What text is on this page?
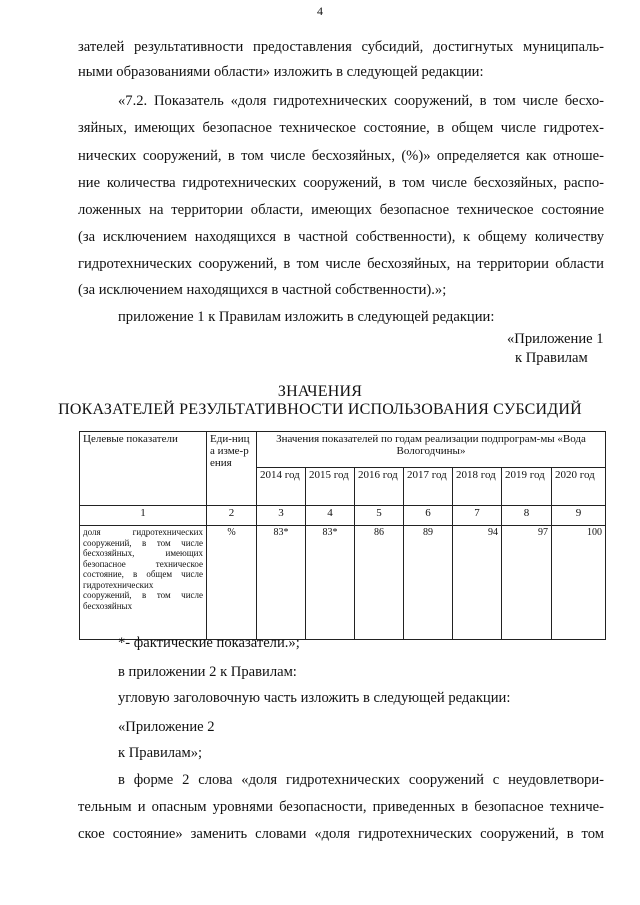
4
зателей результативности предоставления субсидий, достигнутых муниципаль-
ными образованиями области» изложить в следующей редакции:
«7.2. Показатель «доля гидротехнических сооружений, в том числе бесхо-
зяйных, имеющих безопасное техническое состояние, в общем числе гидротех-
нических сооружений, в том числе бесхозяйных, (%)» определяется как отноше-
ние количества гидротехнических сооружений, в том числе бесхозяйных, распо-
ложенных на территории области, имеющих безопасное техническое состояние
(за исключением находящихся в частной собственности), к общему количеству
гидротехнических сооружений, в том числе бесхозяйных, на территории области
(за исключением находящихся в частной собственности).»;
приложение 1 к Правилам изложить в следующей редакции:
«Приложение 1
к Правилам
ЗНАЧЕНИЯ
ПОКАЗАТЕЛЕЙ РЕЗУЛЬТАТИВНОСТИ ИСПОЛЬЗОВАНИЯ СУБСИДИЙ
Целевые показатели	Еди-ница изме-рения	Значения показателей по годам реализации подпрограм-мы «Вода Вологодчины»						
		2014 год	2015 год	2016 год	2017 год	2018 год	2019 год	2020 год
1	2	3	4	5	6	7	8	9
доля гидротехнических сооружений, в том числе бесхозяйных, имеющих безопасное техническое состояние, в общем числе гидротехнических сооружений, в том числе бесхозяйных	%	83*	83*	86	89	94	97	100
*- фактические показатели.»;
в приложении 2 к Правилам:
угловую заголовочную часть изложить в следующей редакции:
«Приложение 2
к Правилам»;
в форме 2 слова «доля гидротехнических сооружений с неудовлетвори-
тельным и опасным уровнями безопасности, приведенных в безопасное техниче-
ское состояние» заменить словами «доля гидротехнических сооружений, в том
